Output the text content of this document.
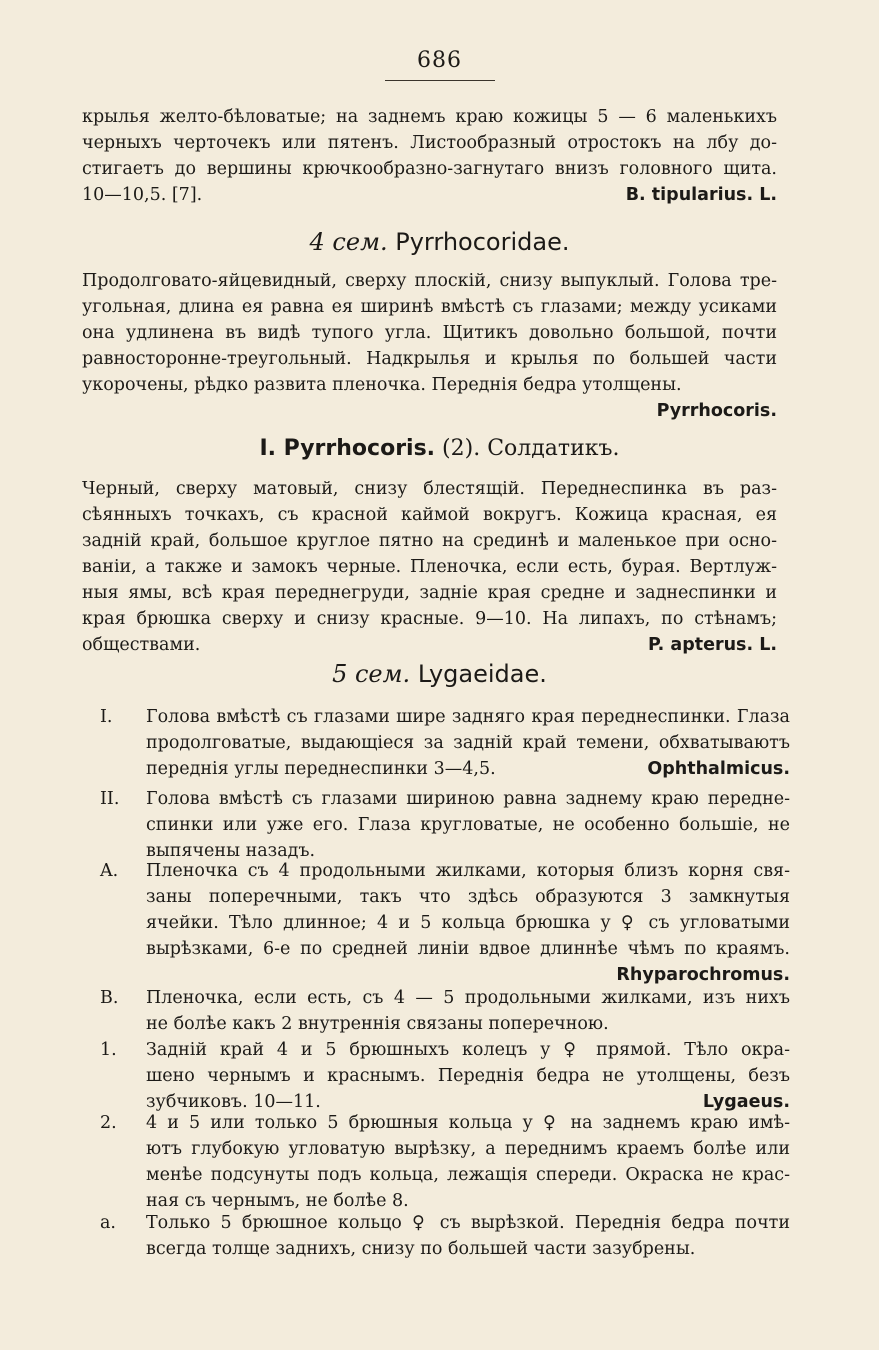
686
крылья желто-бѣловатые; на заднемъ краю кожицы 5 — 6 маленькихъ
черныхъ черточекъ или пятенъ. Листообразный отростокъ на лбу до-
стигаетъ до вершины крючкообразно-загнутаго внизъ головного щита.
10—10,5. [7].	B. tipularius. L.
4 сем. Pyrrhocoridae.
Продолговато-яйцевидный, сверху плоскій, снизу выпуклый. Голова тре-
угольная, длина ея равна ея ширинѣ вмѣстѣ съ глазами; между усиками
она удлинена въ видѣ тупого угла. Щитикъ довольно большой, почти
равносторонне-треугольный. Надкрылья и крылья по большей части
укорочены, рѣдко развита пленочка. Переднія бедра утолщены.
Pyrrhocoris.
I. Pyrrhocoris. (2). Солдатикъ.
Черный, сверху матовый, снизу блестящій. Переднеспинка въ раз-
сѣянныхъ точкахъ, съ красной каймой вокругъ. Кожица красная, ея
задній край, большое круглое пятно на срединѣ и маленькое при осно-
ваніи, а также и замокъ черные. Пленочка, если есть, бурая. Вертлуж-
ныя ямы, всѣ края переднегруди, задніе края средне и заднеспинки и
края брюшка сверху и снизу красные. 9—10. На липахъ, по стѣнамъ;
обществами.	P. apterus. L.
5 сем. Lygaeidae.
I. Голова вмѣстѣ съ глазами шире задняго края переднеспинки. Глаза
продолговатые, выдающіеся за задній край темени, обхватываютъ
переднія углы переднеспинки 3—4,5.	Ophthalmicus.
II. Голова вмѣстѣ съ глазами шириною равна заднему краю передне-
спинки или уже его. Глаза кругловатые, не особенно большіе, не
выпячены назадъ.
A. Пленочка съ 4 продольными жилками, которыя близъ корня свя-
заны поперечными, такъ что здѣсь образуются 3 замкнутыя
ячейки. Тѣло длинное; 4 и 5 кольца брюшка у ♀ съ угловатыми
вырѣзками, 6-е по средней линіи вдвое длиннѣе чѣмъ по краямъ.
Rhyparochromus.
B. Пленочка, если есть, съ 4 — 5 продольными жилками, изъ нихъ
не болѣе какъ 2 внутреннія связаны поперечною.
1. Задній край 4 и 5 брюшныхъ колецъ у ♀ прямой. Тѣло окра-
шено чернымъ и краснымъ. Переднія бедра не утолщены, безъ
зубчиковъ. 10—11.	Lygaeus.
2. 4 и 5 или только 5 брюшныя кольца у ♀ на заднемъ краю имѣ-
ютъ глубокую угловатую вырѣзку, а переднимъ краемъ болѣе или
менѣе подсунуты подъ кольца, лежащія спереди. Окраска не крас-
ная съ чернымъ, не болѣе 8.
a. Только 5 брюшное кольцо ♀ съ вырѣзкой. Переднія бедра почти
всегда толще заднихъ, снизу по большей части зазубрены.
